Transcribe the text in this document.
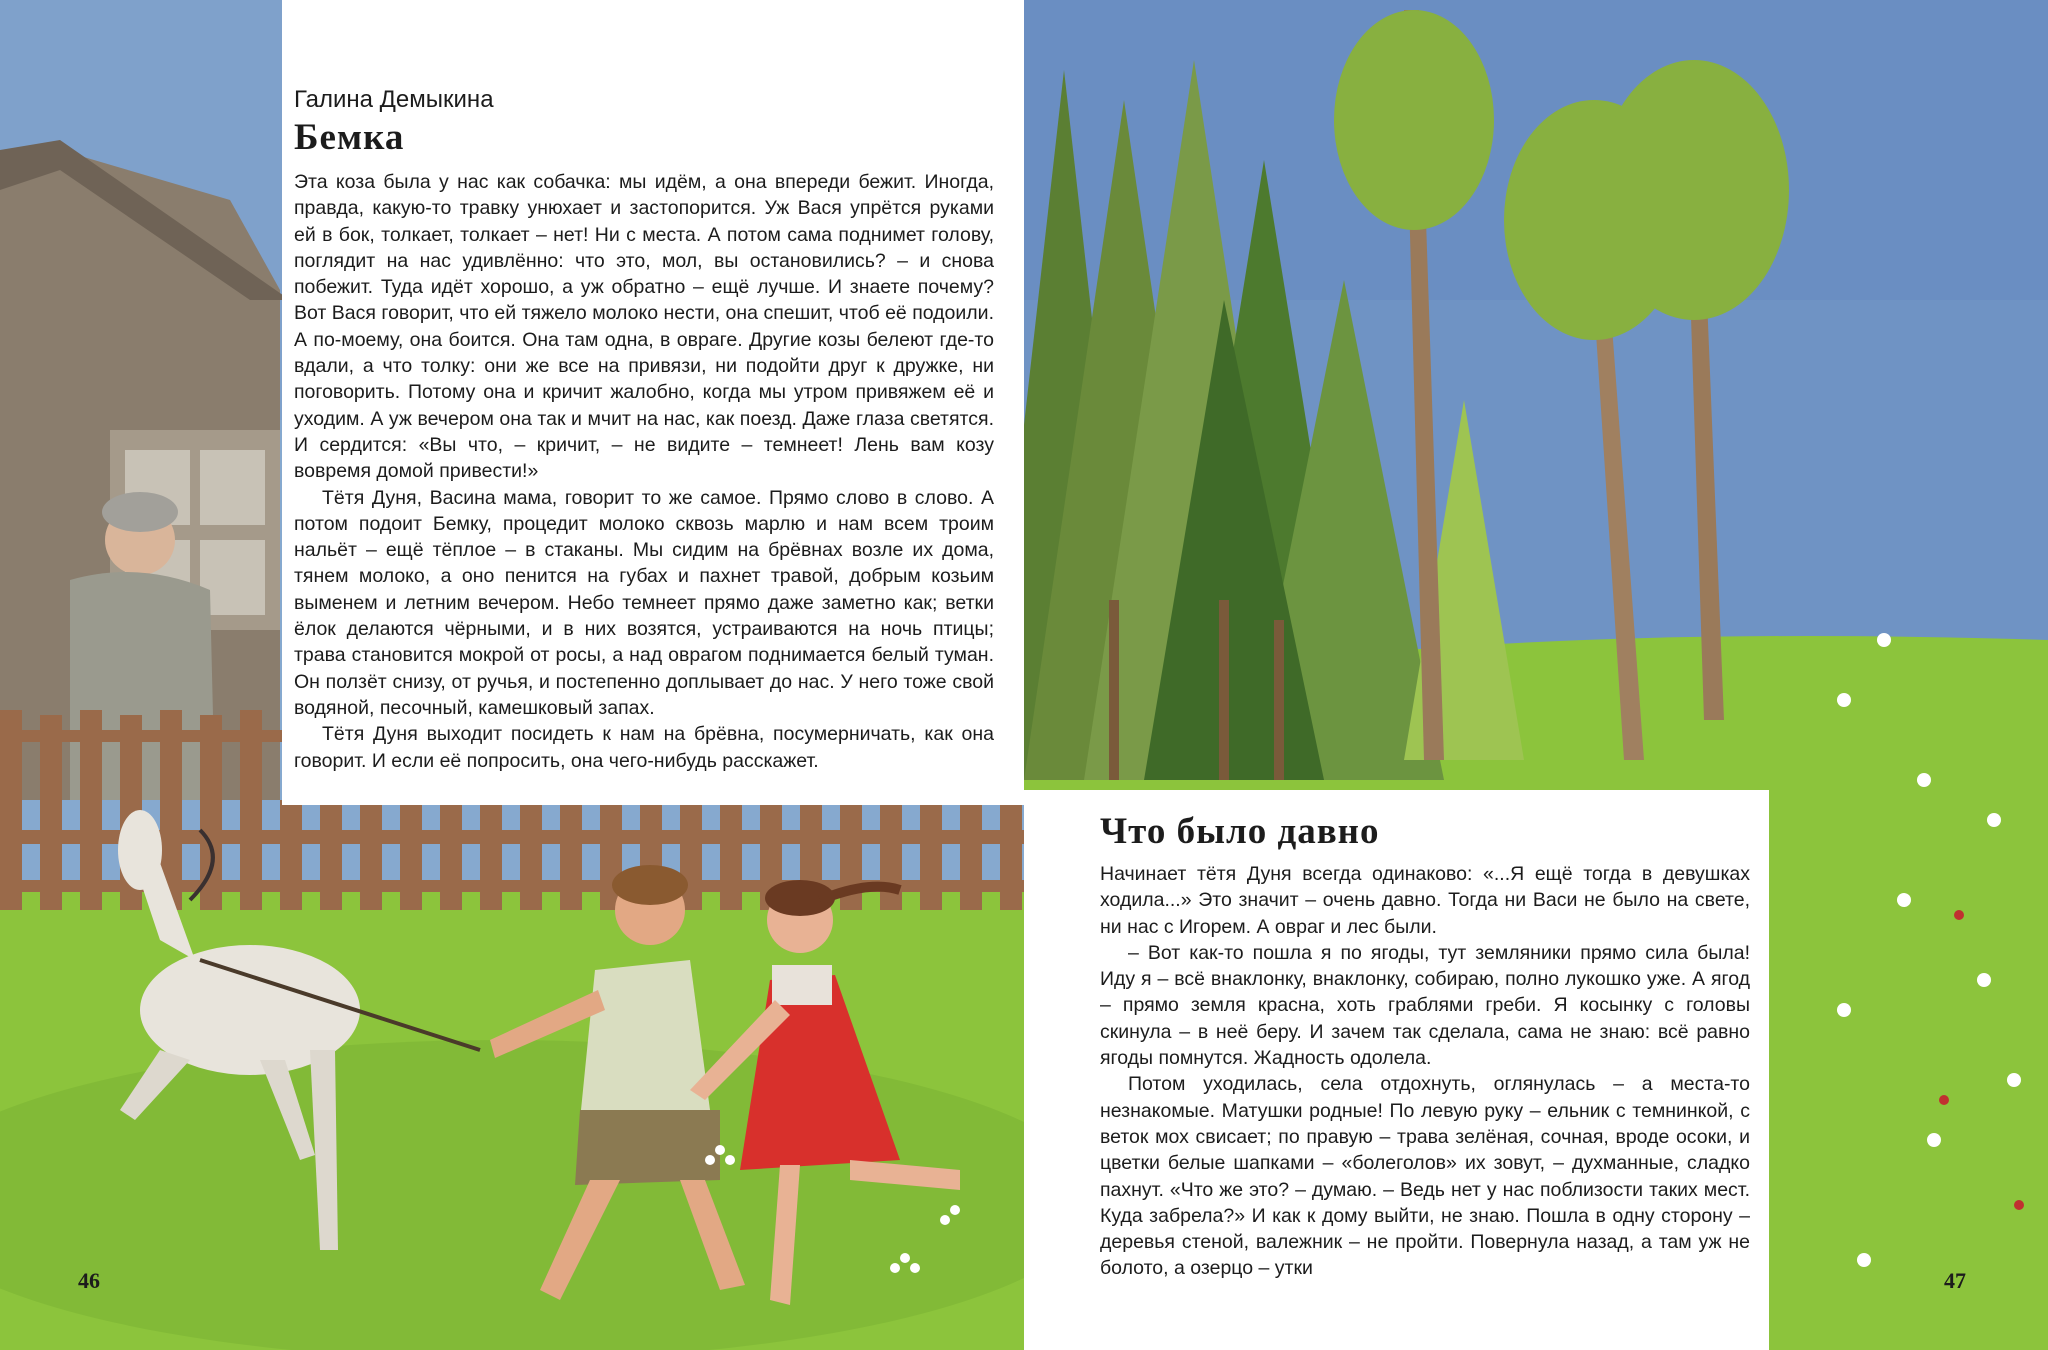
Галина Демыкина

Бемка

Эта коза была у нас как собачка: мы идём, а она впереди бежит. Иногда, правда, какую-то травку унюхает и застопорится. Уж Вася упрётся руками ей в бок, толкает, толкает – нет! Ни с места. А потом сама поднимет голову, поглядит на нас удивлённо: что это, мол, вы остановились? – и снова побежит. Туда идёт хорошо, а уж обратно – ещё лучше. И знаете почему? Вот Вася говорит, что ей тяжело молоко нести, она спешит, чтоб её подоили. А по-моему, она боится. Она там одна, в овраге. Другие козы белеют где-то вдали, а что толку: они же все на привязи, ни подойти друг к дружке, ни поговорить. Потому она и кричит жалобно, когда мы утром привяжем её и уходим. А уж вечером она так и мчит на нас, как поезд. Даже глаза светятся. И сердится: «Вы что, – кричит, – не видите – темнеет! Лень вам козу вовремя домой привести!»

Тётя Дуня, Васина мама, говорит то же самое. Прямо слово в слово. А потом подоит Бемку, процедит молоко сквозь марлю и нам всем троим нальёт – ещё тёплое – в стаканы. Мы сидим на брёвнах возле их дома, тянем молоко, а оно пенится на губах и пахнет травой, добрым козьим выменем и летним вечером. Небо темнеет прямо даже заметно как; ветки ёлок делаются чёрными, и в них возятся, устраиваются на ночь птицы; трава становится мокрой от росы, а над оврагом поднимается белый туман. Он ползёт снизу, от ручья, и постепенно доплывает до нас. У него тоже свой водяной, песочный, камешковый запах.

Тётя Дуня выходит посидеть к нам на брёвна, посумерничать, как она говорит. И если её попросить, она чего-нибудь расскажет.

46
Что было давно

Начинает тётя Дуня всегда одинаково: «...Я ещё тогда в девушках ходила...» Это значит – очень давно. Тогда ни Васи не было на свете, ни нас с Игорем. А овраг и лес были.

– Вот как-то пошла я по ягоды, тут земляники прямо сила была! Иду я – всё внаклонку, внаклонку, собираю, полно лукошко уже. А ягод – прямо земля красна, хоть граблями греби. Я косынку с головы скинула – в неё беру. И зачем так сделала, сама не знаю: всё равно ягоды помнутся. Жадность одолела.

Потом уходилась, села отдохнуть, оглянулась – а места-то незнакомые. Матушки родные! По левую руку – ельник с темнинкой, с веток мох свисает; по правую – трава зелёная, сочная, вроде осоки, и цветки белые шапками – «болеголов» их зовут, – духманные, сладко пахнут. «Что же это? – думаю. – Ведь нет у нас поблизости таких мест. Куда забрела?» И как к дому выйти, не знаю. Пошла в одну сторону – деревья стеной, валежник – не пройти. Повернула назад, а там уж не болото, а озерцо – утки	47
